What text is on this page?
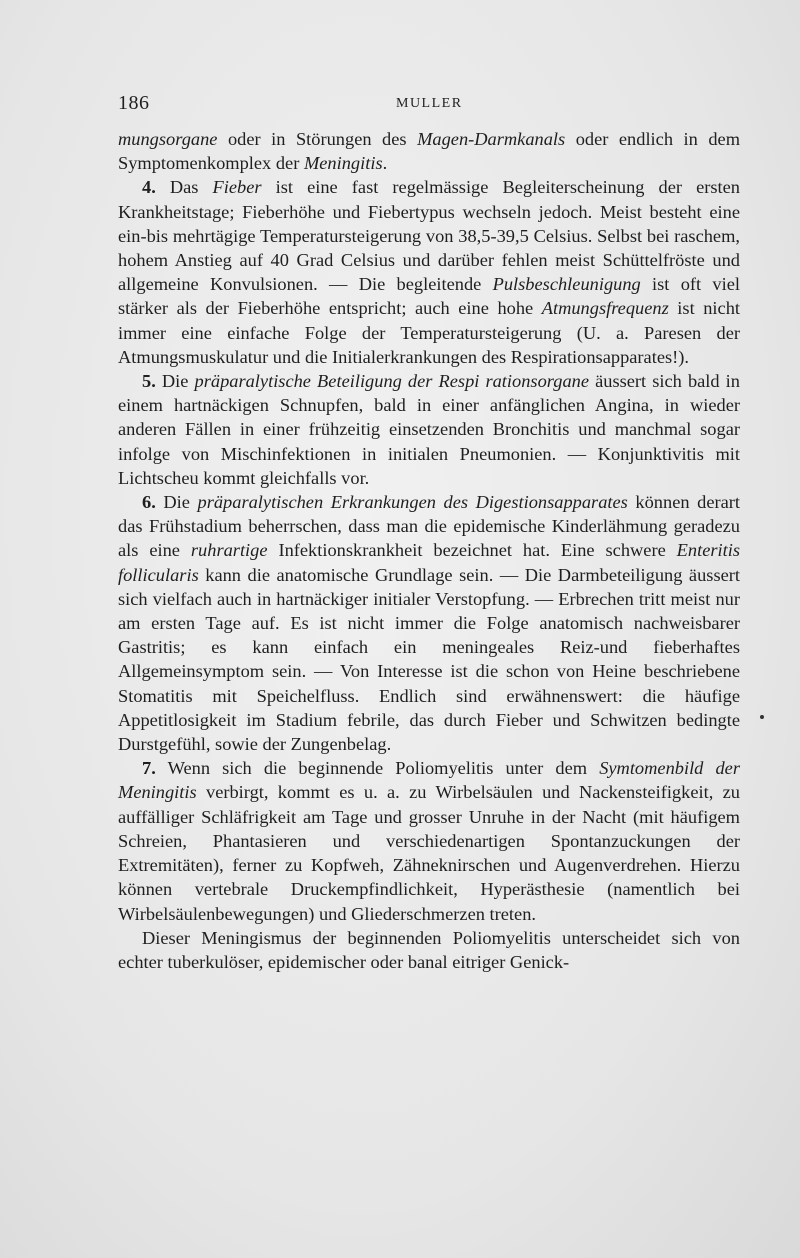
186	MULLER

mungsorgane oder in Störungen des Magen-Darmkanals oder endlich in dem Symptomenkomplex der Meningitis.

4. Das Fieber ist eine fast regelmässige Begleiterscheinung der ersten Krankheitstage; Fieberhöhe und Fiebertypus wechseln jedoch. Meist besteht eine ein-bis mehrtägige Temperatursteigerung von 38,5-39,5 Celsius. Selbst bei raschem, hohem Anstieg auf 40 Grad Celsius und darüber fehlen meist Schüttelfröste und allgemeine Konvulsionen. — Die begleitende Pulsbeschleunigung ist oft viel stärker als der Fieberhöhe entspricht; auch eine hohe Atmungsfrequenz ist nicht immer eine einfache Folge der Temperatursteigerung (U. a. Paresen der Atmungsmuskulatur und die Initialerkrankungen des Respirationsapparates!).

5. Die präparalytische Beteiligung der Respi rationsorgane äussert sich bald in einem hartnäckigen Schnupfen, bald in einer anfänglichen Angina, in wieder anderen Fällen in einer frühzeitig einsetzenden Bronchitis und manchmal sogar infolge von Mischinfektionen in initialen Pneumonien. — Konjunktivitis mit Lichtscheu kommt gleichfalls vor.

6. Die präparalytischen Erkrankungen des Digestionsapparates können derart das Frühstadium beherrschen, dass man die epidemische Kinderlähmung geradezu als eine ruhrartige Infektionskrankheit bezeichnet hat. Eine schwere Enteritis follicularis kann die anatomische Grundlage sein. — Die Darmbeteiligung äussert sich vielfach auch in hartnäckiger initialer Verstopfung. — Erbrechen tritt meist nur am ersten Tage auf. Es ist nicht immer die Folge anatomisch nachweisbarer Gastritis; es kann einfach ein meningeales Reiz-und fieberhaftes Allgemeinsymptom sein. — Von Interesse ist die schon von Heine beschriebene Stomatitis mit Speichelfluss. Endlich sind erwähnenswert: die häufige Appetitlosigkeit im Stadium febrile, das durch Fieber und Schwitzen bedingte Durstgefühl, sowie der Zungenbelag.

7. Wenn sich die beginnende Poliomyelitis unter dem Symtomenbild der Meningitis verbirgt, kommt es u. a. zu Wirbelsäulen und Nackensteifigkeit, zu auffälliger Schläfrigkeit am Tage und grosser Unruhe in der Nacht (mit häufigem Schreien, Phantasieren und verschiedenartigen Spontanzuckungen der Extremitäten), ferner zu Kopfweh, Zähneknirschen und Augenverdrehen. Hierzu können vertebrale Druckempfindlichkeit, Hyperästhesie (namentlich bei Wirbelsäulenbewegungen) und Gliederschmerzen treten.

Dieser Meningismus der beginnenden Poliomyelitis unterscheidet sich von echter tuberkulöser, epidemischer oder banal eitriger Genick-
